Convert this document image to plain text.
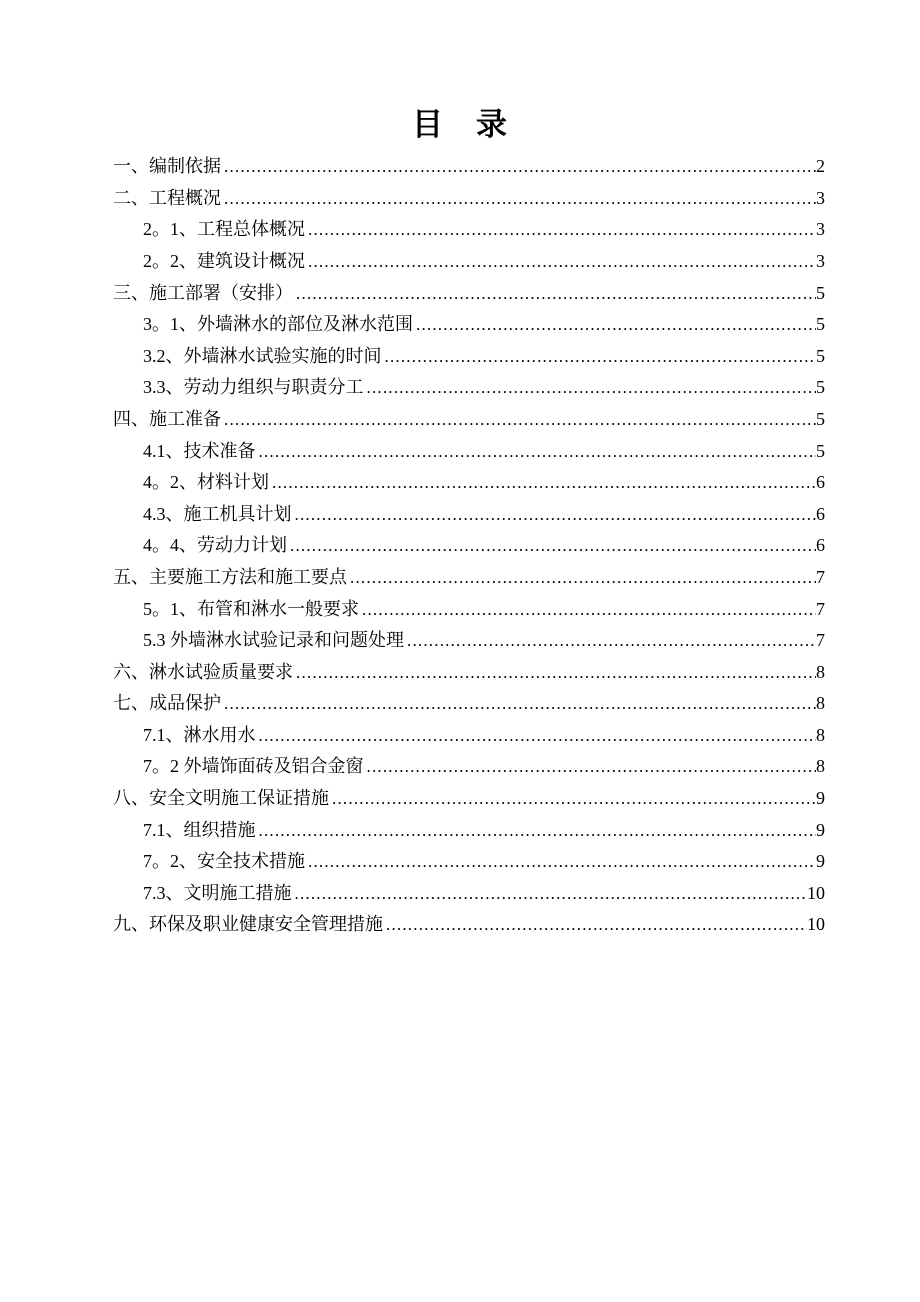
目　录
一、编制依据 .....	2
二、工程概况 .....	3
2。1、工程总体概况 .....	3
2。2、建筑设计概况 .....	3
三、施工部署（安排） .....	5
3。1、外墙淋水的部位及淋水范围 .....	5
3.2、外墙淋水试验实施的时间 .....	5
3.3、劳动力组织与职责分工 .....	5
四、施工准备 .....	5
4.1、技术准备 .....	5
4。2、材料计划 .....	6
4.3、施工机具计划 .....	6
4。4、劳动力计划 .....	6
五、主要施工方法和施工要点 .....	7
5。1、布管和淋水一般要求 .....	7
5.3 外墙淋水试验记录和问题处理 .....	7
六、淋水试验质量要求 .....	8
七、成品保护 .....	8
7.1、淋水用水 .....	8
7。2 外墙饰面砖及铝合金窗 .....	8
八、安全文明施工保证措施 .....	9
7.1、组织措施 .....	9
7。2、安全技术措施 .....	9
7.3、文明施工措施 .....	10
九、环保及职业健康安全管理措施 .....	10
